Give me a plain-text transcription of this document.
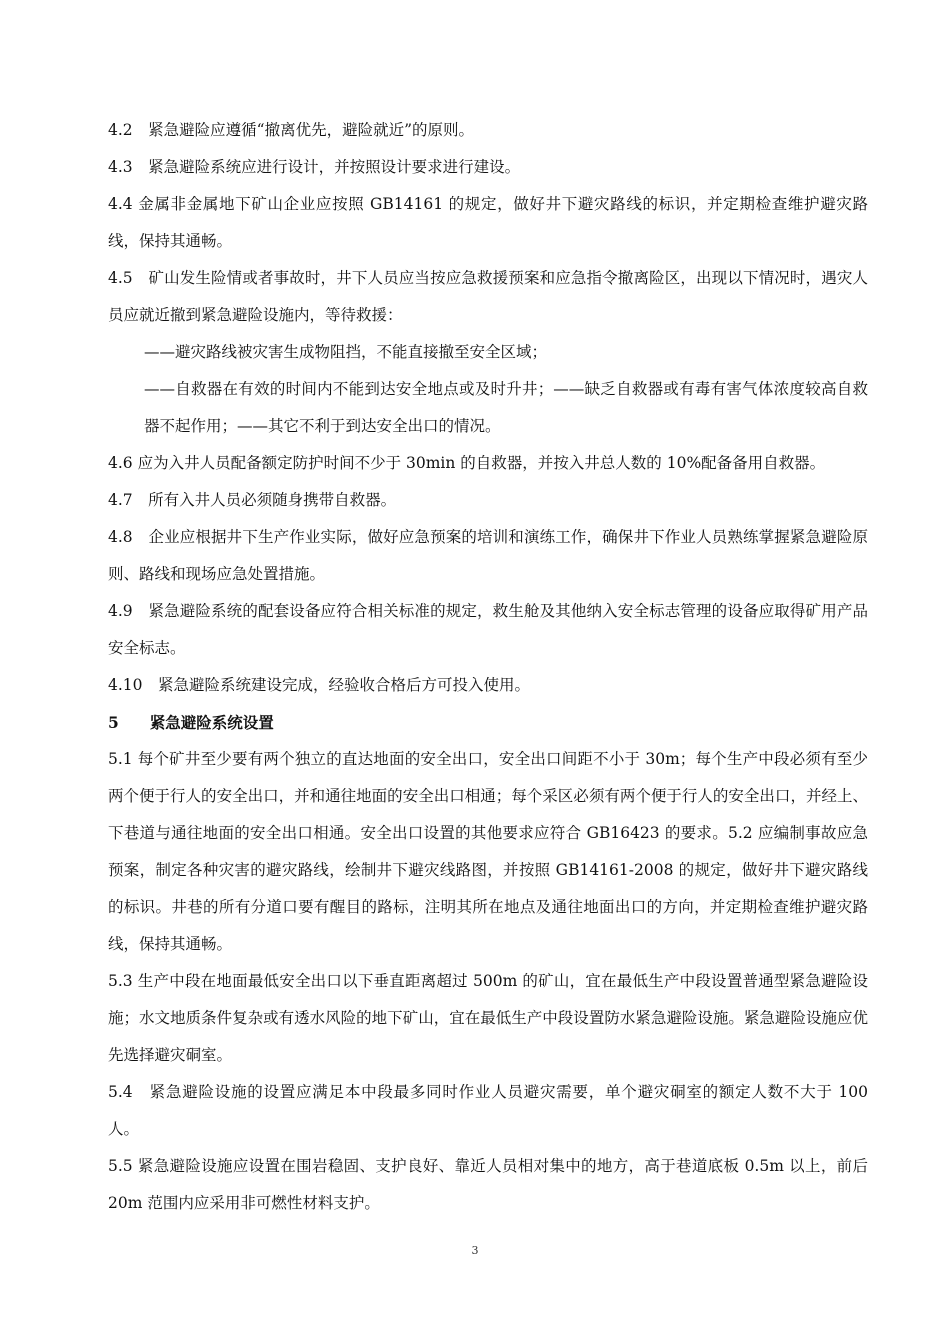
4.2　紧急避险应遵循“撤离优先，避险就近”的原则。

4.3　紧急避险系统应进行设计，并按照设计要求进行建设。

4.4 金属非金属地下矿山企业应按照 GB14161 的规定，做好井下避灾路线的标识，并定期检查维护避灾路线，保持其通畅。

4.5　矿山发生险情或者事故时，井下人员应当按应急救援预案和应急指令撤离险区，出现以下情况时，遇灾人员应就近撤到紧急避险设施内，等待救援：

——避灾路线被灾害生成物阻挡，不能直接撤至安全区域；

——自救器在有效的时间内不能到达安全地点或及时升井；——缺乏自救器或有毒有害气体浓度较高自救器不起作用；——其它不利于到达安全出口的情况。

4.6 应为入井人员配备额定防护时间不少于 30min 的自救器，并按入井总人数的 10%配备备用自救器。

4.7　所有入井人员必须随身携带自救器。

4.8　企业应根据井下生产作业实际，做好应急预案的培训和演练工作，确保井下作业人员熟练掌握紧急避险原则、路线和现场应急处置措施。

4.9　紧急避险系统的配套设备应符合相关标准的规定，救生舱及其他纳入安全标志管理的设备应取得矿用产品安全标志。

4.10　紧急避险系统建设完成，经验收合格后方可投入使用。

5　　紧急避险系统设置

5.1 每个矿井至少要有两个独立的直达地面的安全出口，安全出口间距不小于 30m；每个生产中段必须有至少两个便于行人的安全出口，并和通往地面的安全出口相通；每个采区必须有两个便于行人的安全出口，并经上、下巷道与通往地面的安全出口相通。安全出口设置的其他要求应符合 GB16423 的要求。5.2 应编制事故应急预案，制定各种灾害的避灾路线，绘制井下避灾线路图，并按照 GB14161-2008 的规定，做好井下避灾路线的标识。井巷的所有分道口要有醒目的路标，注明其所在地点及通往地面出口的方向，并定期检查维护避灾路线，保持其通畅。

5.3 生产中段在地面最低安全出口以下垂直距离超过 500m 的矿山，宜在最低生产中段设置普通型紧急避险设施；水文地质条件复杂或有透水风险的地下矿山，宜在最低生产中段设置防水紧急避险设施。紧急避险设施应优先选择避灾硐室。

5.4　紧急避险设施的设置应满足本中段最多同时作业人员避灾需要，单个避灾硐室的额定人数不大于 100 人。

5.5 紧急避险设施应设置在围岩稳固、支护良好、靠近人员相对集中的地方，高于巷道底板 0.5m 以上，前后 20m 范围内应采用非可燃性材料支护。

3
